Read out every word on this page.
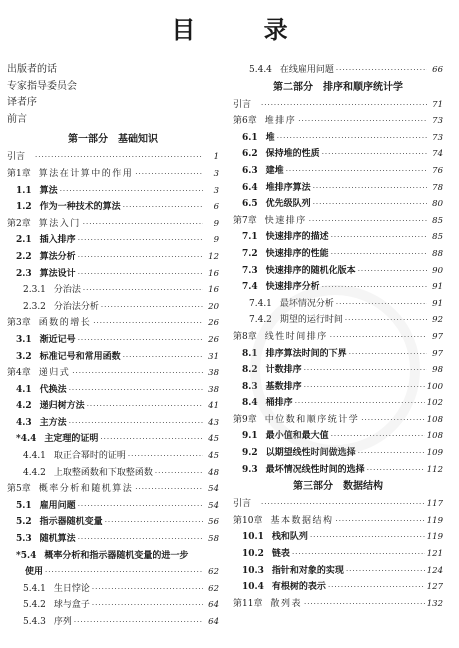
目 录
出版者的话
专家指导委员会
译者序
前言
第一部分　基础知识
引言 ·····	1
第1章 算法在计算中的作用 ·····	3
1.1 算法 ·····	3
1.2 作为一种技术的算法 ·····	6
第2章 算法入门 ·····	9
2.1 插入排序 ·····	9
2.2 算法分析 ·····	12
2.3 算法设计 ·····	16
2.3.1 分治法 ·····	16
2.3.2 分治法分析 ·····	20
第3章 函数的增长 ·····	26
3.1 渐近记号 ·····	26
3.2 标准记号和常用函数 ·····	31
第4章 递归式 ·····	38
4.1 代换法 ·····	38
4.2 递归树方法 ·····	41
4.3 主方法 ·····	43
*4.4 主定理的证明 ·····	45
4.4.1 取正合幂时的证明 ·····	45
4.4.2 上取整函数和下取整函数 ·····	48
第5章 概率分析和随机算法 ·····	54
5.1 雇用问题 ·····	54
5.2 指示器随机变量 ·····	56
5.3 随机算法 ·····	58
*5.4 概率分析和指示器随机变量的进一步
使用 ·····	62
5.4.1 生日悖论 ·····	62
5.4.2 球与盒子 ·····	64
5.4.3 序列 ·····	64
5.4.4 在线雇用问题 ·····	66
第二部分　排序和顺序统计学
引言 ·····	71
第6章 堆排序 ·····	73
6.1 堆 ·····	73
6.2 保持堆的性质 ·····	74
6.3 建堆 ·····	76
6.4 堆排序算法 ·····	78
6.5 优先级队列 ·····	80
第7章 快速排序 ·····	85
7.1 快速排序的描述 ·····	85
7.2 快速排序的性能 ·····	88
7.3 快速排序的随机化版本 ·····	90
7.4 快速排序分析 ·····	91
7.4.1 最坏情况分析 ·····	91
7.4.2 期望的运行时间 ·····	92
第8章 线性时间排序 ·····	97
8.1 排序算法时间的下界 ·····	97
8.2 计数排序 ·····	98
8.3 基数排序 ·····	100
8.4 桶排序 ·····	102
第9章 中位数和顺序统计学 ·····	108
9.1 最小值和最大值 ·····	108
9.2 以期望线性时间做选择 ·····	109
9.3 最坏情况线性时间的选择 ·····	112
第三部分　数据结构
引言 ·····	117
第10章 基本数据结构 ·····	119
10.1 栈和队列 ·····	119
10.2 链表 ·····	121
10.3 指针和对象的实现 ·····	124
10.4 有根树的表示 ·····	127
第11章 散列表 ·····	132
